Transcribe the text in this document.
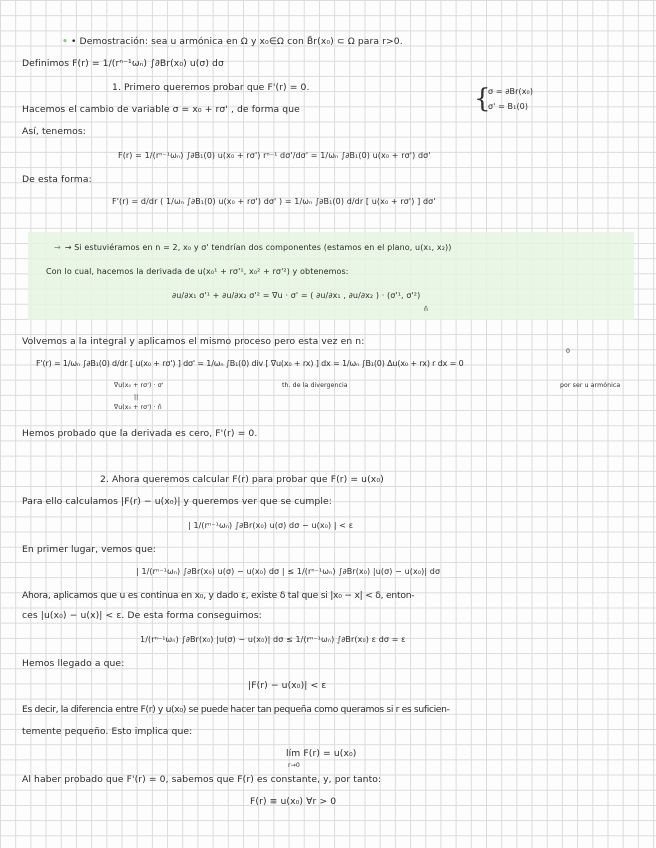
• • Demostración: sea u armónica en Ω y x₀∈Ω con B̄r(x₀) ⊂ Ω para r>0.
Definimos F(r) = 1/(rⁿ⁻¹ωₙ) ∫∂Br(x₀) u(σ) dσ
1. Primero queremos probar que F'(r) = 0.
Hacemos el cambio de variable σ = x₀ + rσ' , de forma que	{
σ = ∂Br(x₀)
σ' = B₁(0)
Así, tenemos:
F(r) = 1/(rⁿ⁻¹ωₙ) ∫∂B₁(0) u(x₀ + rσ') rⁿ⁻¹ dσ'/dσ' = 1/ωₙ ∫∂B₁(0) u(x₀ + rσ') dσ'
De esta forma:
F'(r) = d/dr ( 1/ωₙ ∫∂B₁(0) u(x₀ + rσ') dσ' ) = 1/ωₙ ∫∂B₁(0) d/dr [ u(x₀ + rσ') ] dσ'
→ → Si estuviéramos en n = 2, x₀ y σ' tendrían dos componentes (estamos en el plano, u(x₁, x₂))
Con lo cual, hacemos la derivada de u(x₀¹ + rσ'¹, x₀² + rσ'²) y obtenemos:
∂u/∂x₁ σ'¹ + ∂u/∂x₂ σ'² = ∇u · σ' = ( ∂u/∂x₁ , ∂u/∂x₂ ) · (σ'¹, σ'²)
n̂
Volvemos a la integral y aplicamos el mismo proceso pero esta vez en n:
0
F'(r) = 1/ωₙ ∫∂B₁(0) d/dr [ u(x₀ + rσ') ] dσ' = 1/ωₙ ∫B₁(0) div [ ∇u(x₀ + rx) ] dx = 1/ωₙ ∫B₁(0) Δu(x₀ + rx) r dx = 0
∇u(x₀ + rσ') · σ'
||
∇u(x₀ + rσ') · n̂
th. de la divergencia	por ser u armónica
Hemos probado que la derivada es cero, F'(r) = 0.
2. Ahora queremos calcular F(r) para probar que F(r) = u(x₀)
Para ello calculamos |F(r) − u(x₀)| y queremos ver que se cumple:
| 1/(rⁿ⁻¹ωₙ) ∫∂Br(x₀) u(σ) dσ − u(x₀) | < ε
En primer lugar, vemos que:
| 1/(rⁿ⁻¹ωₙ) ∫∂Br(x₀) u(σ) − u(x₀) dσ | ≤ 1/(rⁿ⁻¹ωₙ) ∫∂Br(x₀) |u(σ) − u(x₀)| dσ
Ahora, aplicamos que u es continua en x₀, y dado ε, existe δ tal que si |x₀ − x| < δ, enton-
ces |u(x₀) − u(x)| < ε. De esta forma conseguimos:
1/(rⁿ⁻¹ωₙ) ∫∂Br(x₀) |u(σ) − u(x₀)| dσ ≤ 1/(rⁿ⁻¹ωₙ) ∫∂Br(x₀) ε dσ = ε
Hemos llegado a que:
|F(r) − u(x₀)| < ε
Es decir, la diferencia entre F(r) y u(x₀) se puede hacer tan pequeña como queramos si r es suficien-
temente pequeño. Esto implica que:
lím F(r) = u(x₀)
r→0
Al haber probado que F'(r) = 0, sabemos que F(r) es constante, y, por tanto:
F(r) ≡ u(x₀) ∀r > 0
